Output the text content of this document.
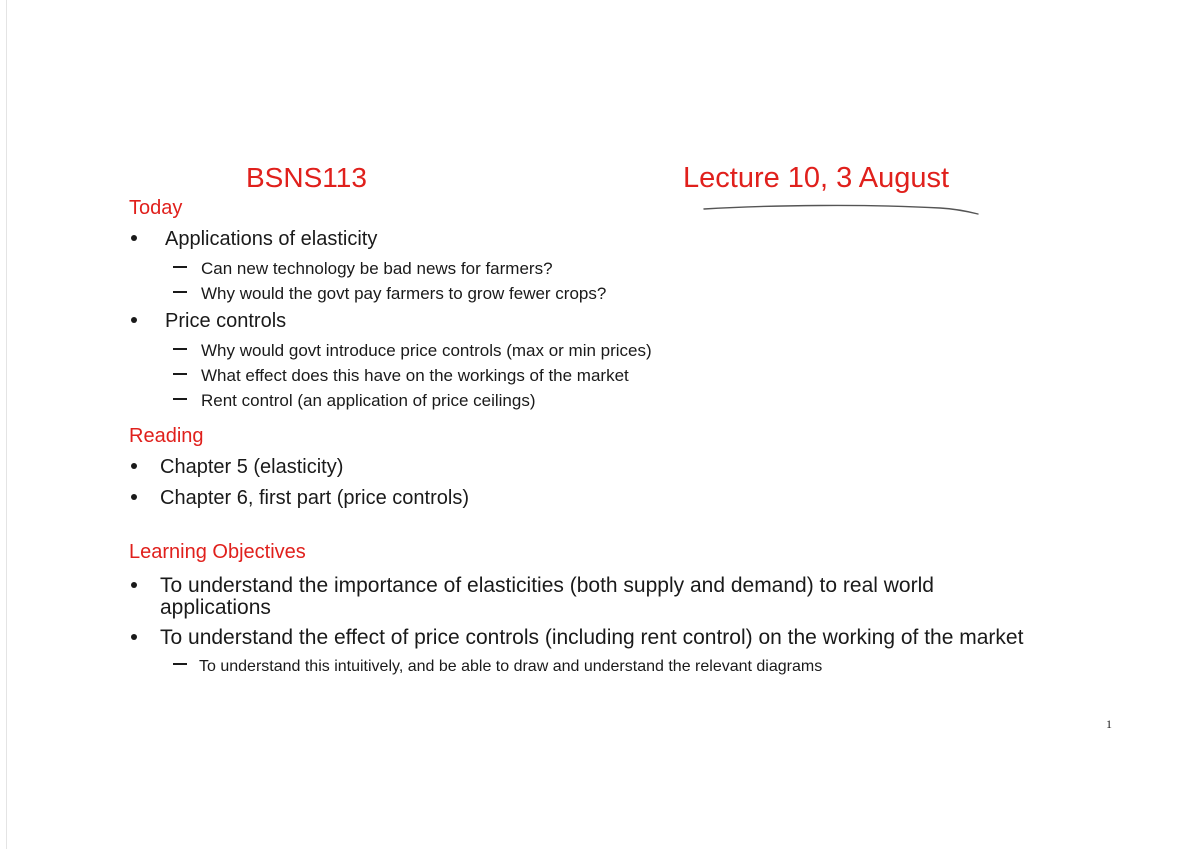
BSNS113	Lecture 10, 3 August
Today
Applications of elasticity
Can new technology be bad news for farmers?
Why would the govt pay farmers to grow fewer crops?
Price controls
Why would govt introduce price controls (max or min prices)
What effect does this have on the workings of the market
Rent control (an application of price ceilings)
Reading
Chapter 5 (elasticity)
Chapter 6, first part (price controls)
Learning Objectives
To understand the importance of elasticities (both supply and demand) to real world
applications
To understand the effect of price controls (including rent control) on the working of the market
To understand this intuitively, and be able to draw and understand the relevant diagrams
1
